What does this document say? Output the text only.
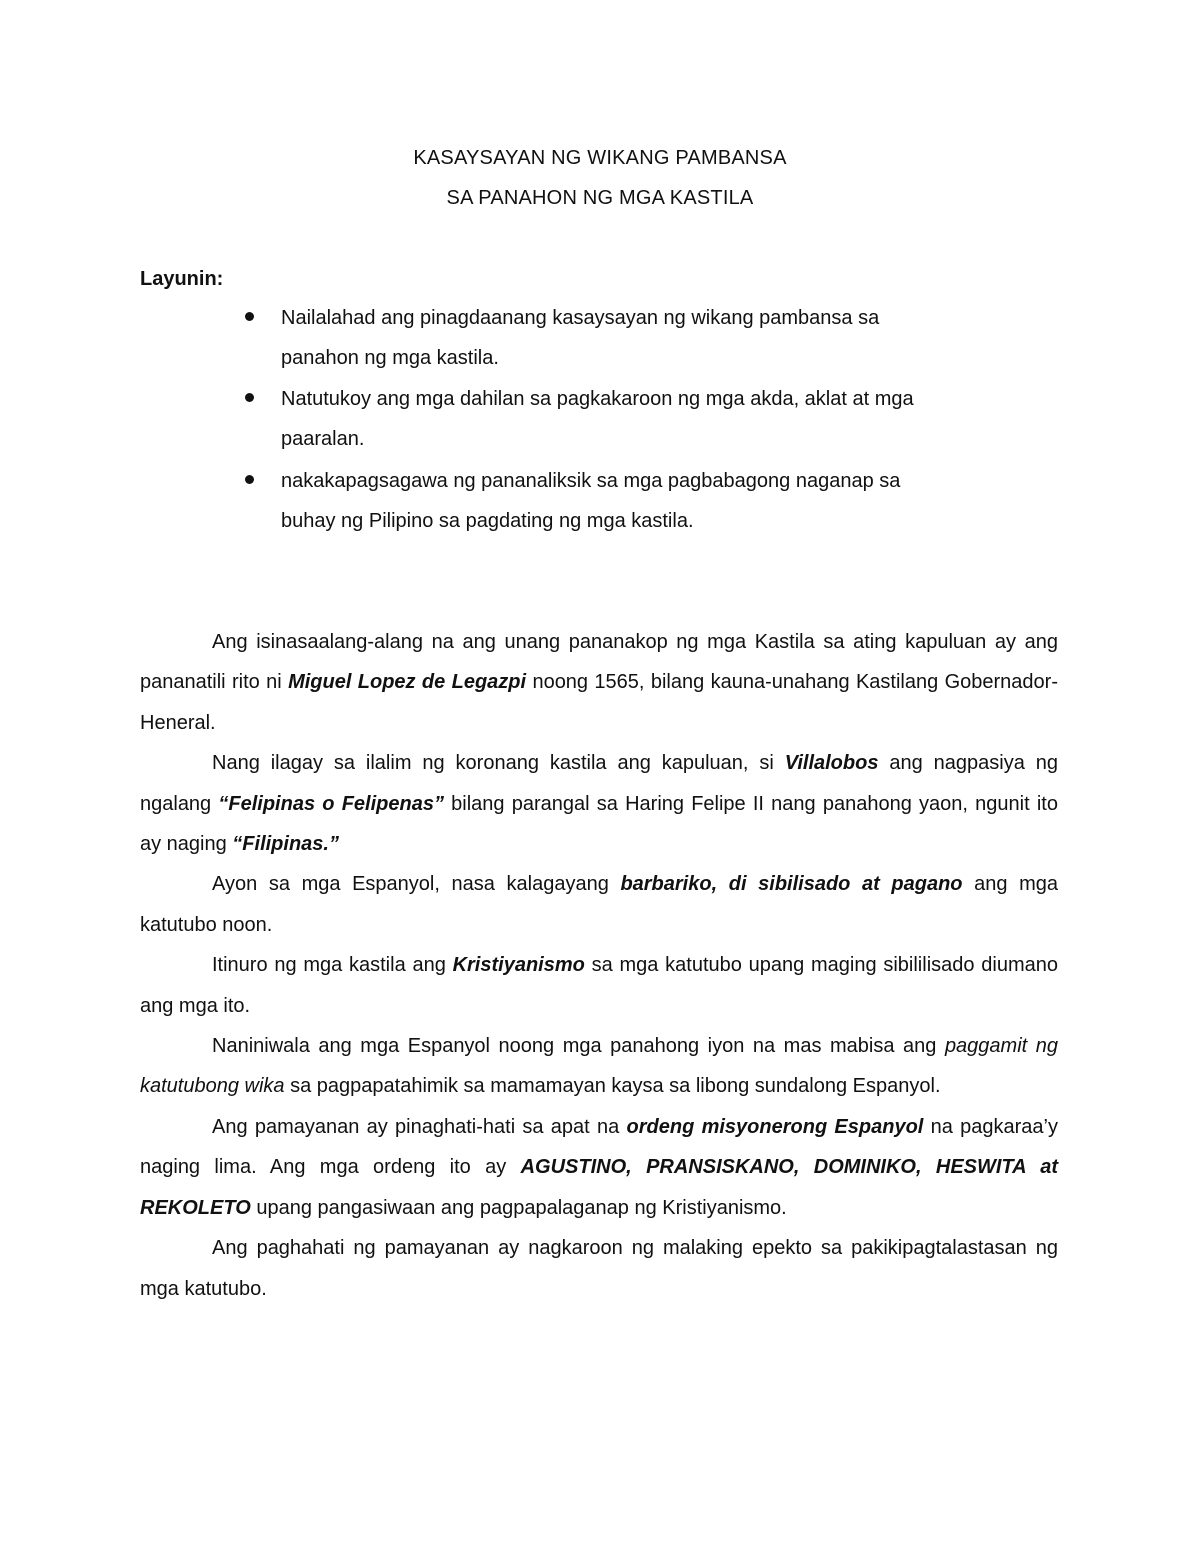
KASAYSAYAN NG WIKANG PAMBANSA
SA PANAHON NG MGA KASTILA
Layunin:
Nailalahad ang pinagdaanang kasaysayan ng wikang pambansa sa
panahon ng mga kastila.
Natutukoy ang mga dahilan sa pagkakaroon ng mga akda, aklat at mga
paaralan.
nakakapagsagawa ng pananaliksik sa mga pagbabagong naganap sa
buhay ng Pilipino sa pagdating ng mga kastila.

Ang isinasaalang-alang na ang unang pananakop ng mga Kastila sa ating kapuluan ay ang pananatili rito ni Miguel Lopez de Legazpi noong 1565, bilang kauna-unahang Kastilang Gobernador-Heneral.

Nang ilagay sa ilalim ng koronang kastila ang kapuluan, si Villalobos ang nagpasiya ng ngalang “Felipinas o Felipenas” bilang parangal sa Haring Felipe II nang panahong yaon, ngunit ito ay naging “Filipinas.”

Ayon sa mga Espanyol, nasa kalagayang barbariko, di sibilisado at pagano ang mga katutubo noon.

Itinuro ng mga kastila ang Kristiyanismo sa mga katutubo upang maging sibililisado diumano ang mga ito.

Naniniwala ang mga Espanyol noong mga panahong iyon na mas mabisa ang paggamit ng katutubong wika sa pagpapatahimik sa mamamayan kaysa sa libong sundalong Espanyol.

Ang pamayanan ay pinaghati-hati sa apat na ordeng misyonerong Espanyol na pagkaraa’y naging lima. Ang mga ordeng ito ay AGUSTINO, PRANSISKANO, DOMINIKO, HESWITA at REKOLETO upang pangasiwaan ang pagpapalaganap ng Kristiyanismo.

Ang paghahati ng pamayanan ay nagkaroon ng malaking epekto sa pakikipagtalastasan ng mga katutubo.
